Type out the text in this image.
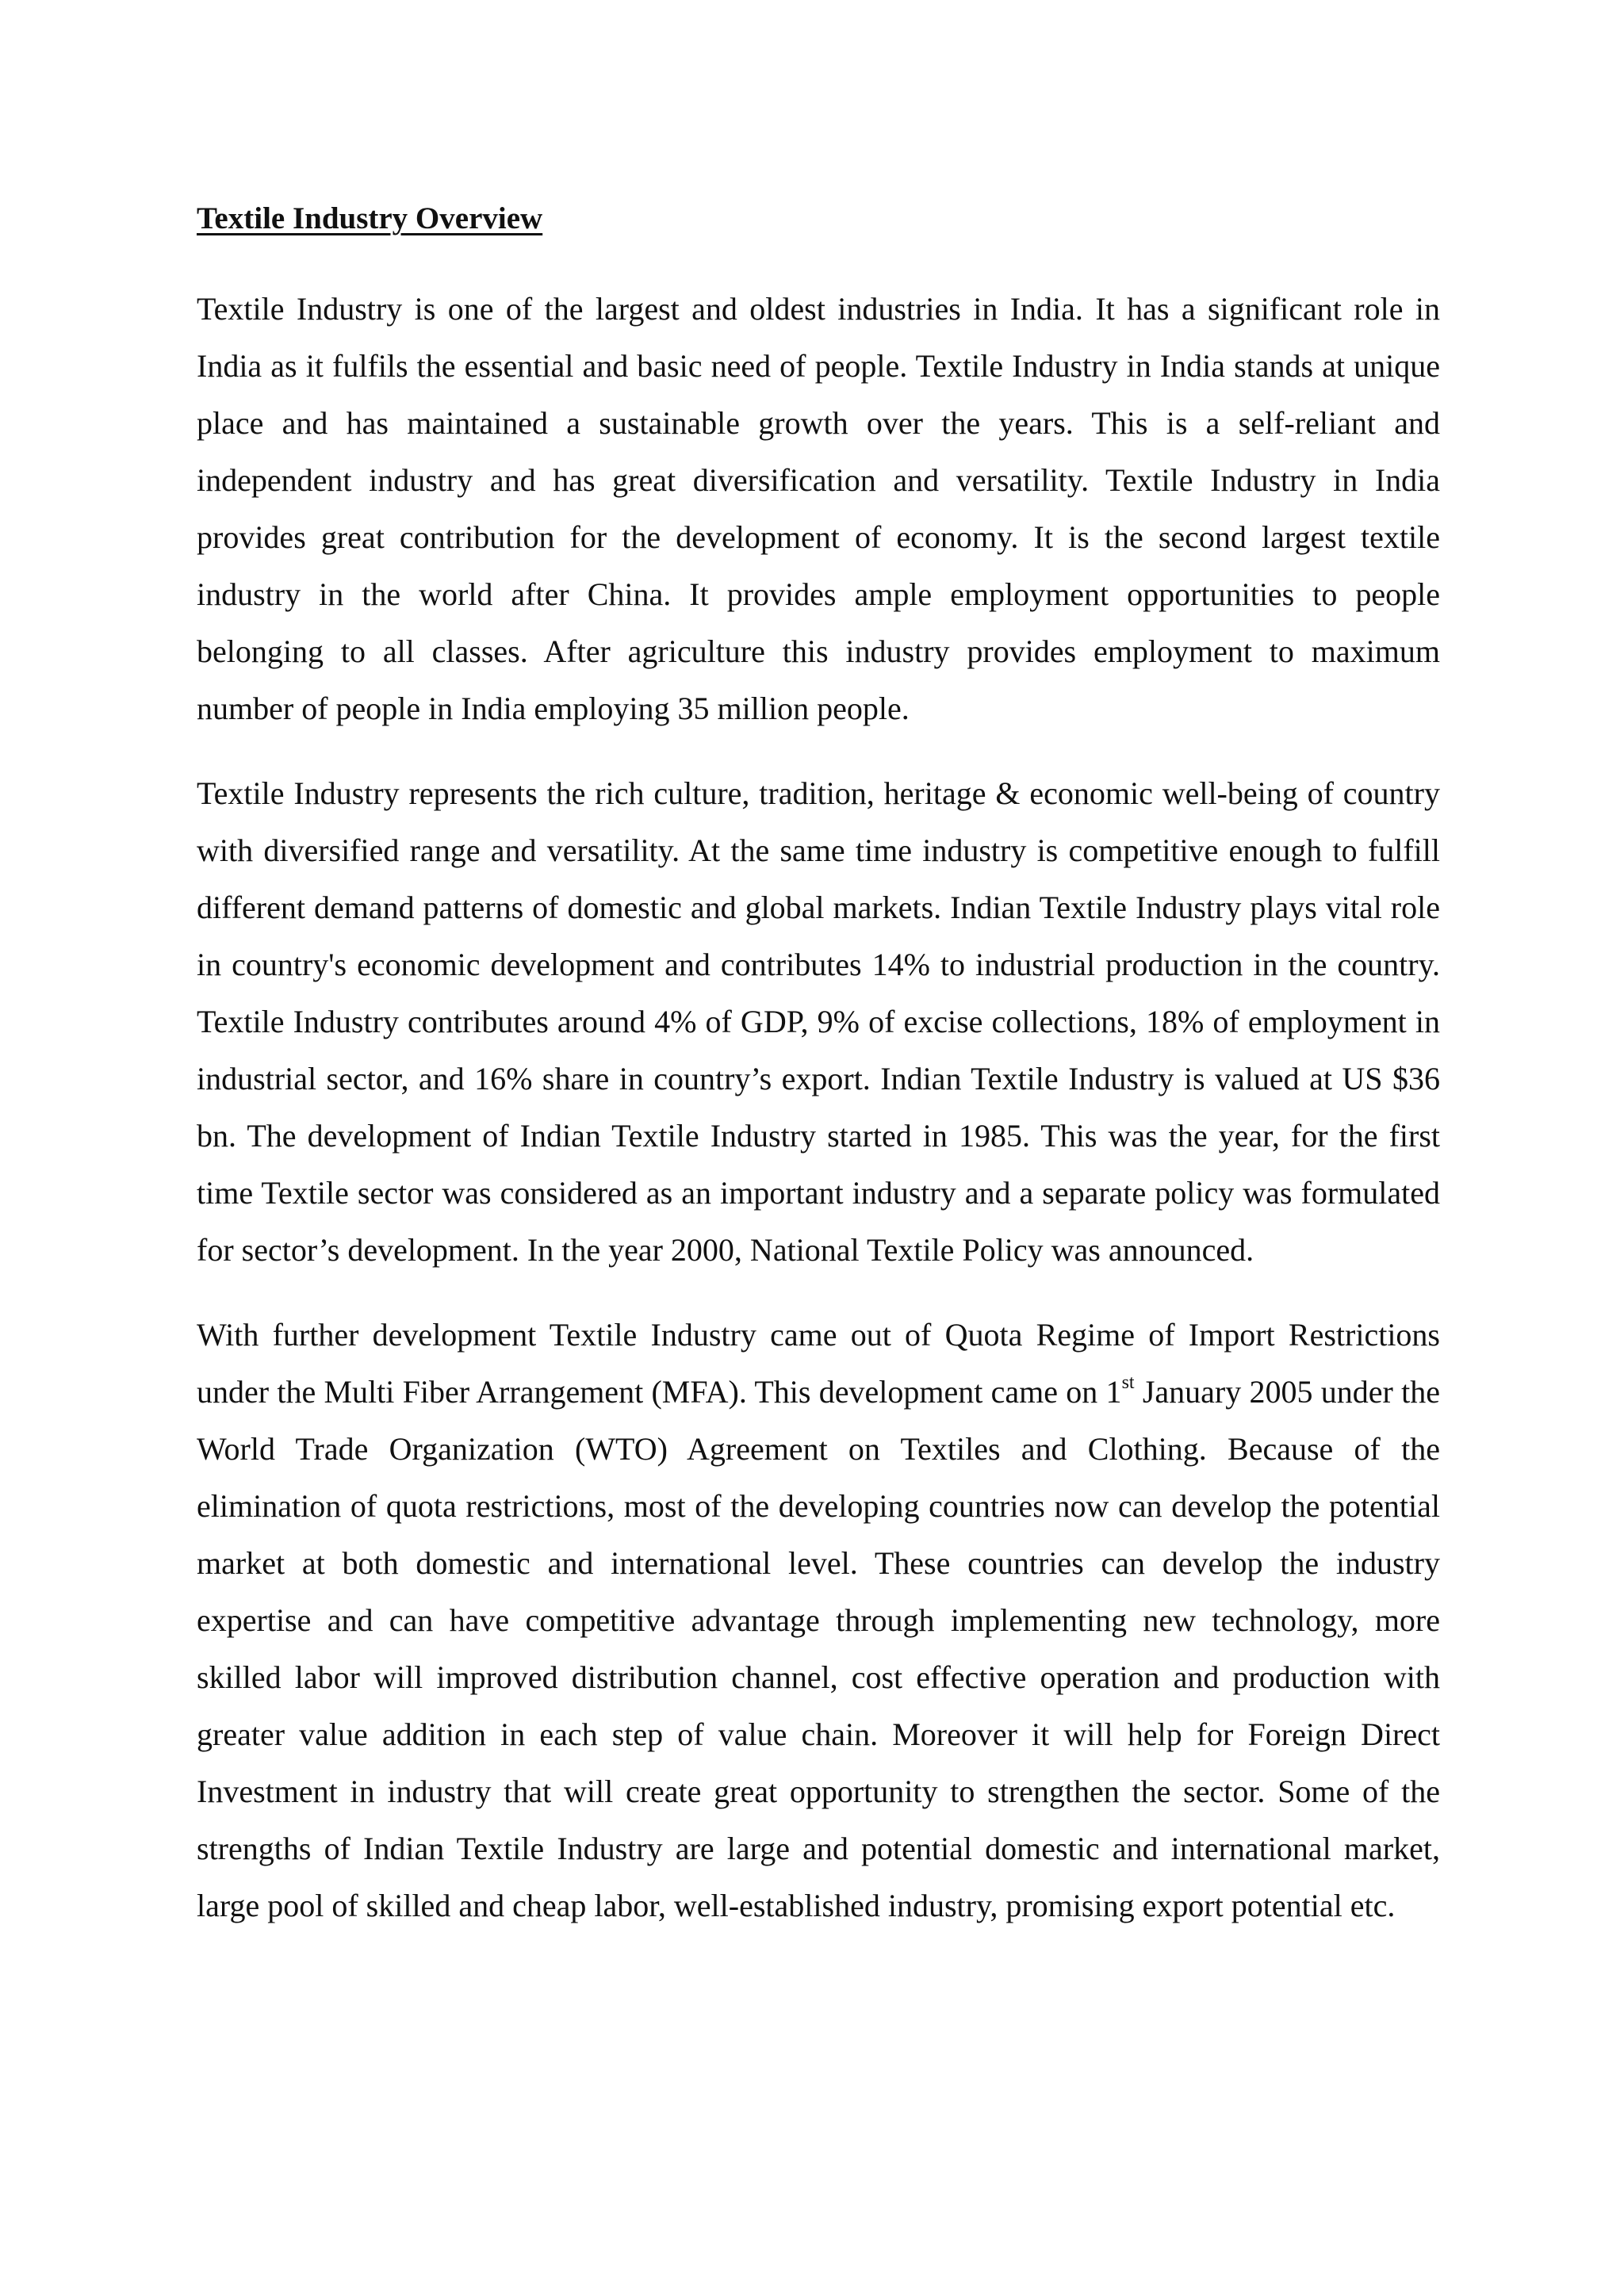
Textile Industry Overview

Textile Industry is one of the largest and oldest industries in India. It has a significant role in India as it fulfils the essential and basic need of people. Textile Industry in India stands at unique place and has maintained a sustainable growth over the years. This is a self-reliant and independent industry and has great diversification and versatility. Textile Industry in India provides great contribution for the development of economy. It is the second largest textile industry in the world after China. It provides ample employment opportunities to people belonging to all classes. After agriculture this industry provides employment to maximum number of people in India employing 35 million people.

Textile Industry represents the rich culture, tradition, heritage & economic well-being of country with diversified range and versatility. At the same time industry is competitive enough to fulfill different demand patterns of domestic and global markets. Indian Textile Industry plays vital role in country's economic development and contributes 14% to industrial production in the country. Textile Industry contributes around 4% of GDP, 9% of excise collections, 18% of employment in industrial sector, and 16% share in country’s export. Indian Textile Industry is valued at US $36 bn. The development of Indian Textile Industry started in 1985. This was the year, for the first time Textile sector was considered as an important industry and a separate policy was formulated for sector’s development. In the year 2000, National Textile Policy was announced.

With further development Textile Industry came out of Quota Regime of Import Restrictions under the Multi Fiber Arrangement (MFA). This development came on 1st January 2005 under the World Trade Organization (WTO) Agreement on Textiles and Clothing. Because of the elimination of quota restrictions, most of the developing countries now can develop the potential market at both domestic and international level. These countries can develop the industry expertise and can have competitive advantage through implementing new technology, more skilled labor will improved distribution channel, cost effective operation and production with greater value addition in each step of value chain. Moreover it will help for Foreign Direct Investment in industry that will create great opportunity to strengthen the sector. Some of the strengths of Indian Textile Industry are large and potential domestic and international market, large pool of skilled and cheap labor, well-established industry, promising export potential etc.
